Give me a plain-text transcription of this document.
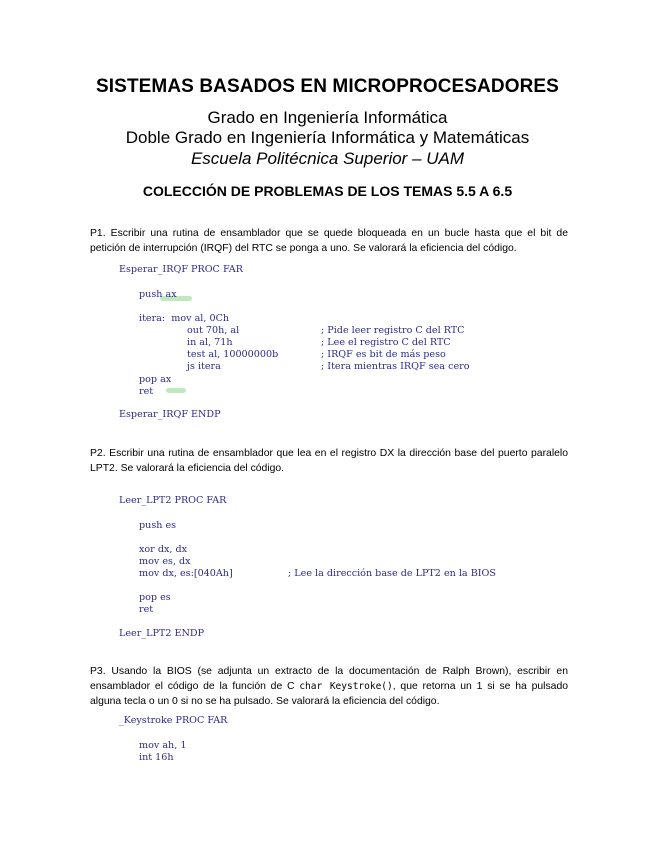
SISTEMAS BASADOS EN MICROPROCESADORES
Grado en Ingeniería Informática
Doble Grado en Ingeniería Informática y Matemáticas
Escuela Politécnica Superior – UAM
COLECCIÓN DE PROBLEMAS DE LOS TEMAS 5.5 A 6.5
P1. Escribir una rutina de ensamblador que se quede bloqueada en un bucle hasta que el bit de petición de interrupción (IRQF) del RTC se ponga a uno. Se valorará la eficiencia del código.
Esperar_IRQF PROC FAR
push ax
itera:  mov al, 0Ch
out 70h, al
in al, 71h
test al, 10000000b
js itera
; Pide leer registro C del RTC
; Lee el registro C del RTC
; IRQF es bit de más peso
; Itera mientras IRQF sea cero
pop ax
ret
Esperar_IRQF ENDP
P2. Escribir una rutina de ensamblador que lea en el registro DX la dirección base del puerto paralelo LPT2. Se valorará la eficiencia del código.
Leer_LPT2 PROC FAR
push es
xor dx, dx
mov es, dx
mov dx, es:[040Ah]	; Lee la dirección base de LPT2 en la BIOS
pop es
ret
Leer_LPT2 ENDP
P3. Usando la BIOS (se adjunta un extracto de la documentación de Ralph Brown), escribir en ensamblador el código de la función de C char Keystroke(), que retorna un 1 si se ha pulsado alguna tecla o un 0 si no se ha pulsado. Se valorará la eficiencia del código.
_Keystroke PROC FAR
mov ah, 1
int 16h
